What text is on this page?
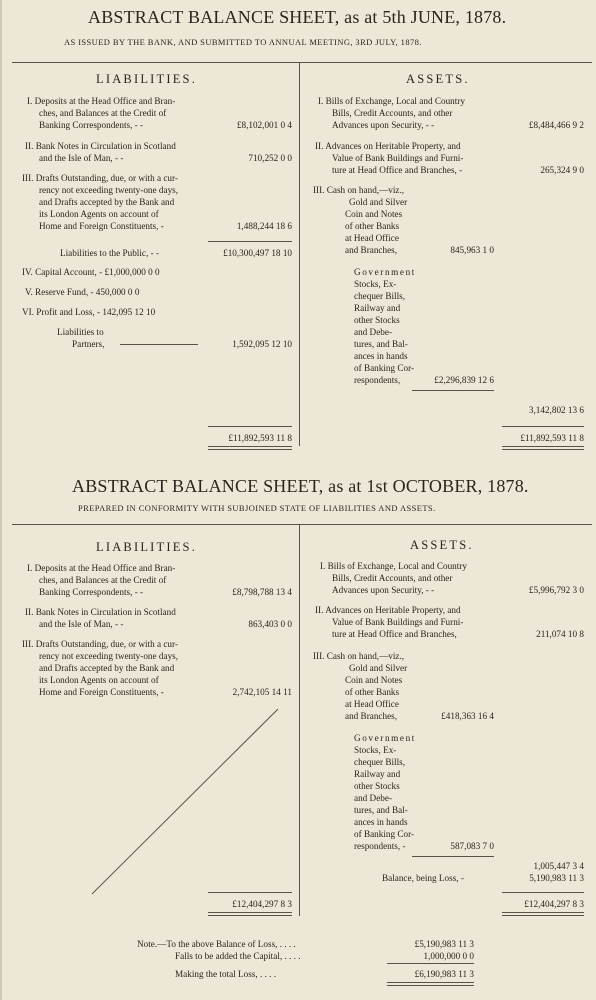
ABSTRACT BALANCE SHEET, as at 5th JUNE, 1878.
AS ISSUED BY THE BANK, AND SUBMITTED TO ANNUAL MEETING, 3RD JULY, 1878.
LIABILITIES.	ASSETS.
I. Deposits at the Head Office and Bran-
ches, and Balances at the Credit of
Banking Correspondents, - -	£8,102,001 0 4
II. Bank Notes in Circulation in Scotland
and the Isle of Man, - -	710,252 0 0
III. Drafts Outstanding, due, or with a cur-
rency not exceeding twenty-one days,
and Drafts accepted by the Bank and
its London Agents on account of
Home and Foreign Constituents, -	1,488,244 18 6
Liabilities to the Public, - -	£10,300,497 18 10
IV. Capital Account, - £1,000,000 0 0
V. Reserve Fund, - 450,000 0 0
VI. Profit and Loss, - 142,095 12 10
Liabilities to
Partners,	1,592,095 12 10
£11,892,593 11 8
I. Bills of Exchange, Local and Country
Bills, Credit Accounts, and other
Advances upon Security, - -	£8,484,466 9 2
II. Advances on Heritable Property, and
Value of Bank Buildings and Furni-
ture at Head Office and Branches, -	265,324 9 0
III. Cash on hand,—viz.,
Gold and Silver
Coin and Notes
of other Banks
at Head Office
and Branches,	845,963 1 0
Government
Stocks, Ex-
chequer Bills,
Railway and
other Stocks
and Debe-
tures, and Bal-
ances in hands
of Banking Cor-
respondents,	£2,296,839 12 6
3,142,802 13 6
£11,892,593 11 8
ABSTRACT BALANCE SHEET, as at 1st OCTOBER, 1878.
PREPARED IN CONFORMITY WITH SUBJOINED STATE OF LIABILITIES AND ASSETS.
LIABILITIES.	ASSETS.
I. Deposits at the Head Office and Bran-
ches, and Balances at the Credit of
Banking Correspondents, - -	£8,798,788 13 4
II. Bank Notes in Circulation in Scotland
and the Isle of Man, - -	863,403 0 0
III. Drafts Outstanding, due, or with a cur-
rency not exceeding twenty-one days,
and Drafts accepted by the Bank and
its London Agents on account of
Home and Foreign Constituents, -	2,742,105 14 11
£12,404,297 8 3
I. Bills of Exchange, Local and Country
Bills, Credit Accounts, and other
Advances upon Security, - -	£5,996,792 3 0
II. Advances on Heritable Property, and
Value of Bank Buildings and Furni-
ture at Head Office and Branches,	211,074 10 8
III. Cash on hand,—viz.,
Gold and Silver
Coin and Notes
of other Banks
at Head Office
and Branches,	£418,363 16 4
Government
Stocks, Ex-
chequer Bills,
Railway and
other Stocks
and Debe-
tures, and Bal-
ances in hands
of Banking Cor-
respondents, -	587,083 7 0
1,005,447 3 4
Balance, being Loss, -	5,190,983 11 3
£12,404,297 8 3
Note.—To the above Balance of Loss, . . . .	£5,190,983 11 3
Falls to be added the Capital, . . . .	1,000,000 0 0
Making the total Loss, . . . .	£6,190,983 11 3
